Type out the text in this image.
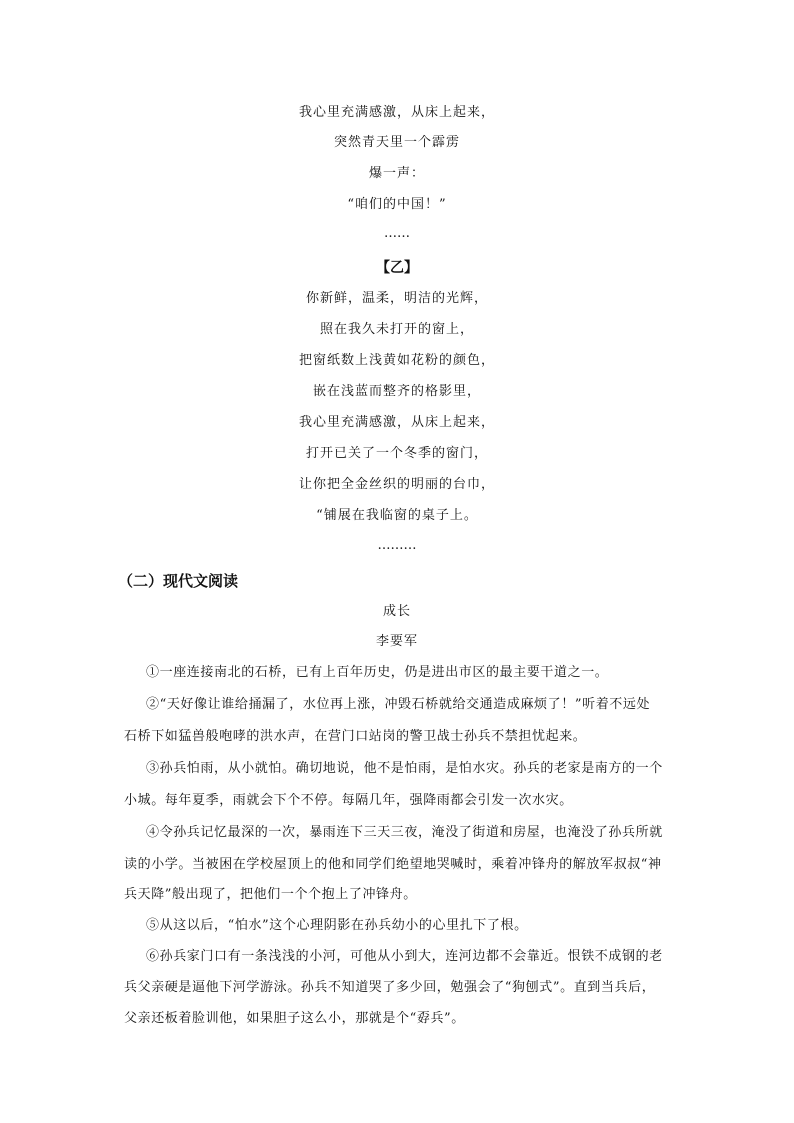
我心里充满感激，从床上起来，
突然青天里一个霹雳
爆一声：
“咱们的中国！”
……
【乙】
你新鲜，温柔，明洁的光辉，
照在我久未打开的窗上，
把窗纸数上浅黄如花粉的颜色，
嵌在浅蓝而整齐的格影里，
我心里充满感激，从床上起来，
打开已关了一个冬季的窗门，
让你把全金丝织的明丽的台巾，
“铺展在我临窗的桌子上。
………
（二）现代文阅读
成长
李要军
①一座连接南北的石桥，已有上百年历史，仍是进出市区的最主要干道之一。
②“天好像让谁给捅漏了，水位再上涨，冲毁石桥就给交通造成麻烦了！”听着不远处
石桥下如猛兽般咆哮的洪水声，在营门口站岗的警卫战士孙兵不禁担忧起来。
③孙兵怕雨，从小就怕。确切地说，他不是怕雨，是怕水灾。孙兵的老家是南方的一个
小城。每年夏季，雨就会下个不停。每隔几年，强降雨都会引发一次水灾。
④令孙兵记忆最深的一次，暴雨连下三天三夜，淹没了街道和房屋，也淹没了孙兵所就
读的小学。当被困在学校屋顶上的他和同学们绝望地哭喊时，乘着冲锋舟的解放军叔叔“神
兵天降”般出现了，把他们一个个抱上了冲锋舟。
⑤从这以后，“怕水”这个心理阴影在孙兵幼小的心里扎下了根。
⑥孙兵家门口有一条浅浅的小河，可他从小到大，连河边都不会靠近。恨铁不成钢的老
兵父亲硬是逼他下河学游泳。孙兵不知道哭了多少回，勉强会了“狗刨式”。直到当兵后，
父亲还板着脸训他，如果胆子这么小，那就是个“孬兵”。
